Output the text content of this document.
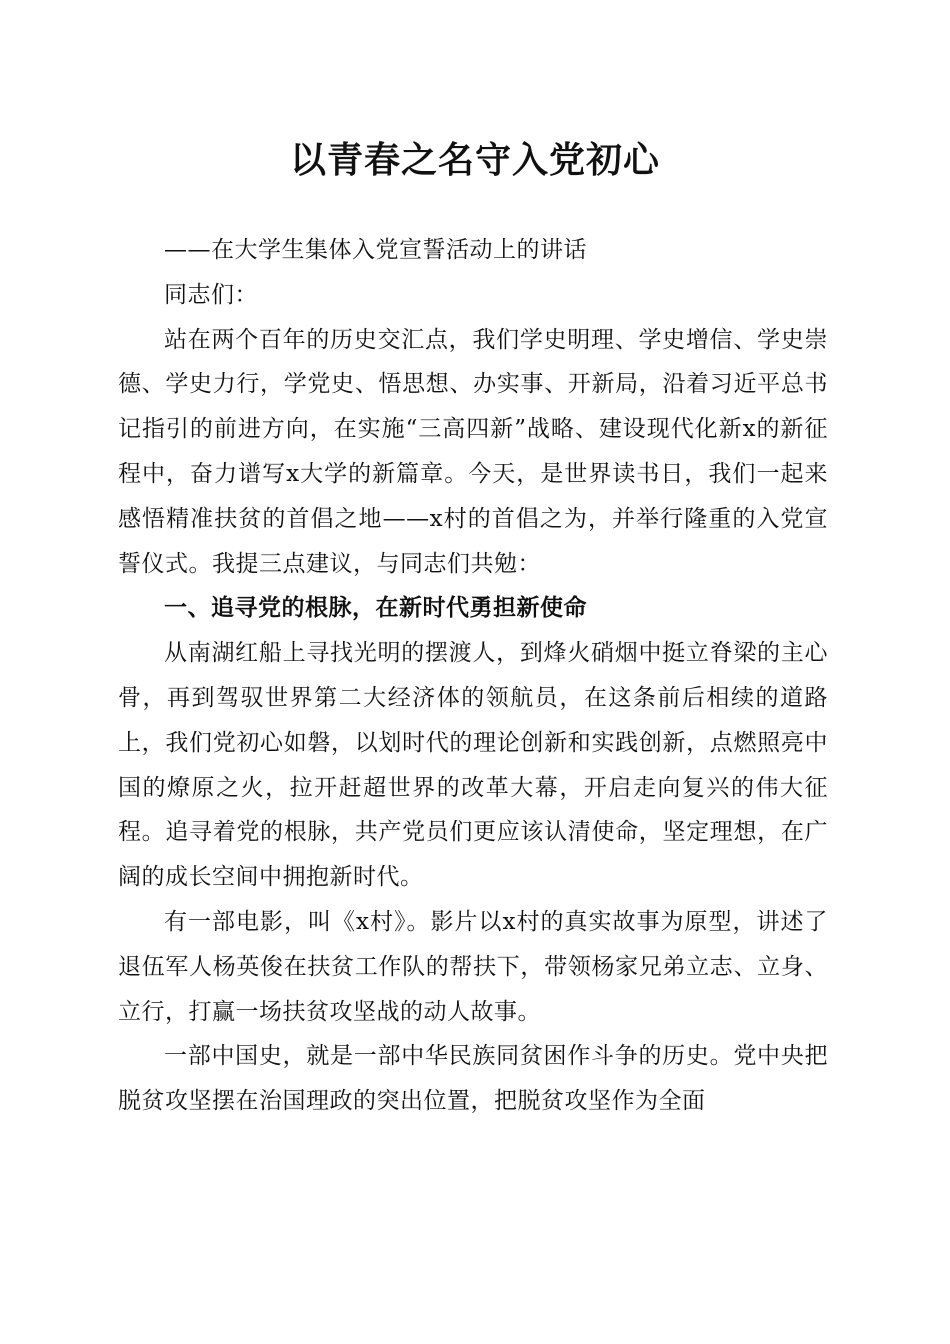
以青春之名守入党初心

——在大学生集体入党宣誓活动上的讲话

同志们：

站在两个百年的历史交汇点，我们学史明理、学史增信、学史崇德、学史力行，学党史、悟思想、办实事、开新局，沿着习近平总书记指引的前进方向，在实施“三高四新”战略、建设现代化新x的新征程中，奋力谱写x大学的新篇章。今天，是世界读书日，我们一起来感悟精准扶贫的首倡之地——x村的首倡之为，并举行隆重的入党宣誓仪式。我提三点建议，与同志们共勉：

一、追寻党的根脉，在新时代勇担新使命

从南湖红船上寻找光明的摆渡人，到烽火硝烟中挺立脊梁的主心骨，再到驾驭世界第二大经济体的领航员，在这条前后相续的道路上，我们党初心如磐，以划时代的理论创新和实践创新，点燃照亮中国的燎原之火，拉开赶超世界的改革大幕，开启走向复兴的伟大征程。追寻着党的根脉，共产党员们更应该认清使命，坚定理想，在广阔的成长空间中拥抱新时代。

有一部电影，叫《x村》。影片以x村的真实故事为原型，讲述了退伍军人杨英俊在扶贫工作队的帮扶下，带领杨家兄弟立志、立身、立行，打赢一场扶贫攻坚战的动人故事。

一部中国史，就是一部中华民族同贫困作斗争的历史。党中央把脱贫攻坚摆在治国理政的突出位置，把脱贫攻坚作为全面
